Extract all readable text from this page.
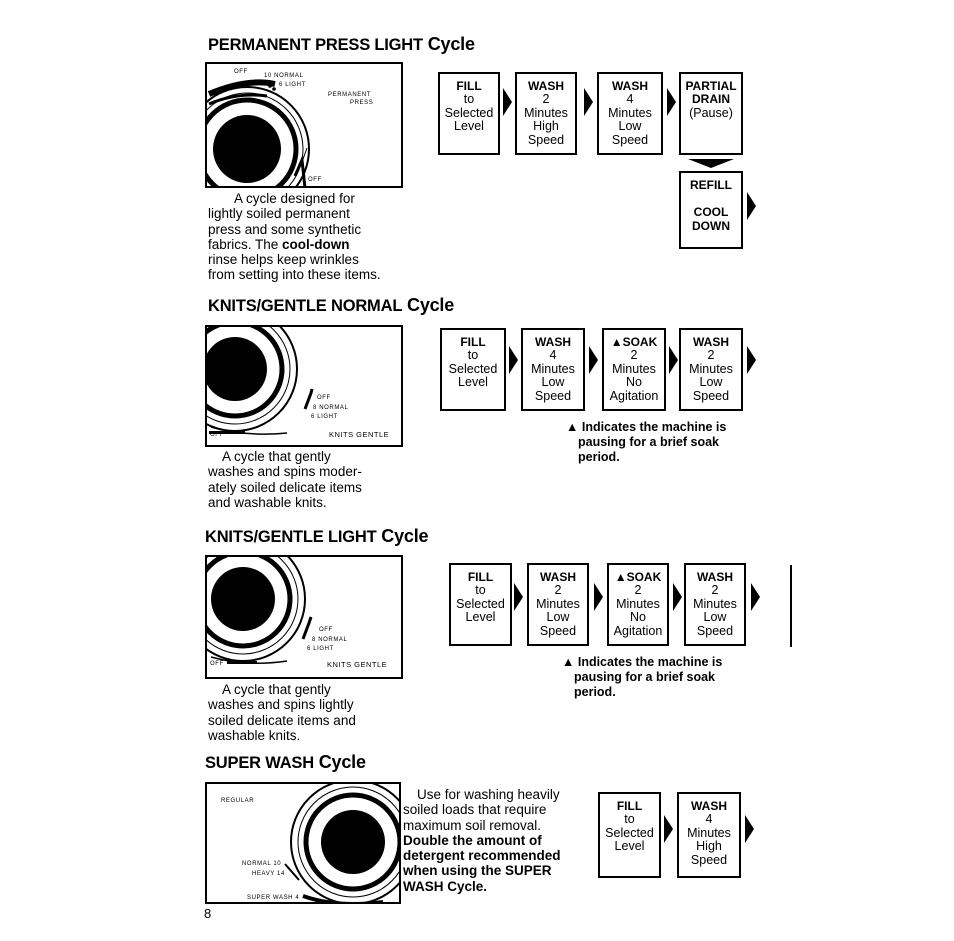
PERMANENT PRESS LIGHT Cycle
OFF
10 NORMAL
6 LIGHT
PERMANENT
PRESS
OFF
A cycle designed for
lightly soiled permanent
press and some synthetic
fabrics. The cool-down
rinse helps keep wrinkles
from setting into these items.
FILL
to
Selected
Level
WASH
2
Minutes
High
Speed
WASH
4
Minutes
Low
Speed
PARTIAL
DRAIN
(Pause)
REFILL
COOL
DOWN
KNITS/GENTLE NORMAL Cycle
OFF
8 NORMAL
6 LIGHT
OFF	KNITS GENTLE
A cycle that gently
washes and spins moder-
ately soiled delicate items
and washable knits.
FILL
to
Selected
Level
WASH
4
Minutes
Low
Speed
▲SOAK
2
Minutes
No
Agitation
WASH
2
Minutes
Low
Speed
▲ Indicates the machine is
pausing for a brief soak
period.
KNITS/GENTLE LIGHT Cycle
OFF
8 NORMAL
6 LIGHT
OFF	KNITS GENTLE
A cycle that gently
washes and spins lightly
soiled delicate items and
washable knits.
FILL
to
Selected
Level
WASH
2
Minutes
Low
Speed
▲SOAK
2
Minutes
No
Agitation
WASH
2
Minutes
Low
Speed
▲ Indicates the machine is
pausing for a brief soak
period.
SUPER WASH Cycle
REGULAR
NORMAL 10
HEAVY 14
SUPER WASH 4
Use for washing heavily
soiled loads that require
maximum soil removal.
Double the amount of
detergent recommended
when using the SUPER
WASH Cycle.
FILL
to
Selected
Level
WASH
4
Minutes
High
Speed
8
